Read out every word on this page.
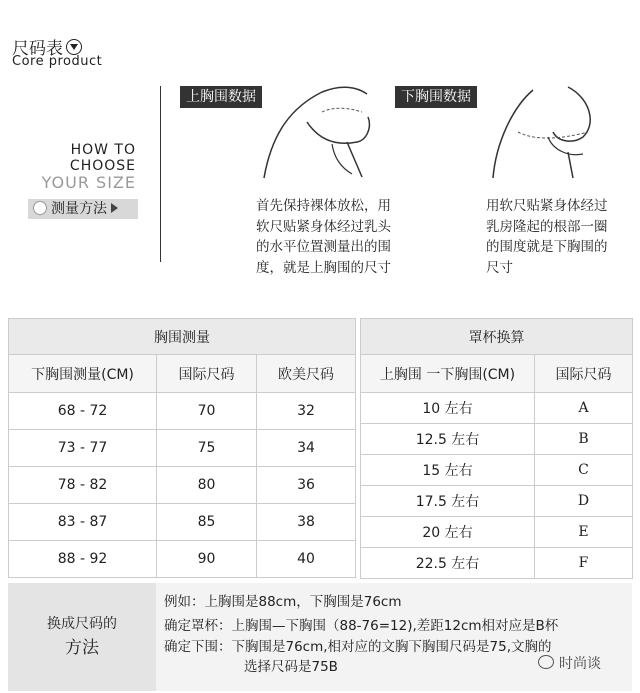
尺码表
Core product
HOW TO
CHOOSE
YOUR SIZE
测量方法
上胸围数据
首先保持裸体放松，用
软尺贴紧身体经过乳头
的水平位置测量出的围
度，就是上胸围的尺寸
下胸围数据
用软尺贴紧身体经过
乳房隆起的根部一圈
的围度就是下胸围的
尺寸
胸围测量		
下胸围测量(CM)	国际尺码	欧美尺码
68 - 72	70	32
73 - 77	75	34
78 - 82	80	36
83 - 87	85	38
88 - 92	90	40
罩杯换算	
上胸围 一下胸围(CM)	国际尺码
10 左右	A
12.5 左右	B
15 左右	C
17.5 左右	D
20 左右	E
22.5 左右	F
换成尺码的
方法
例如：上胸围是88cm，下胸围是76cm
确定罩杯：上胸围—下胸围（88-76=12),差距12cm相对应是B杯
确定下围：下胸围是76cm,相对应的文胸下胸围尺码是75,文胸的
选择尺码是75B	时尚谈
